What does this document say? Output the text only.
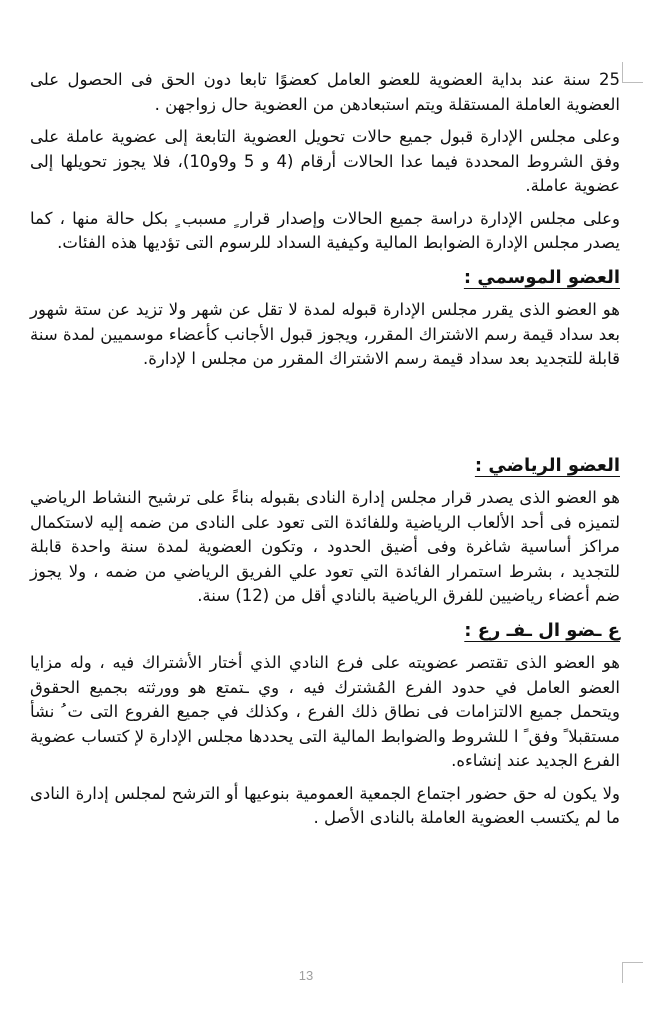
25 سنة عند بداية العضوية للعضو العامل كعضوًا تابعا دون الحق فى الحصول على العضوية العاملة المستقلة ويتم استبعادهن من العضوية حال زواجهن .

وعلى مجلس الإدارة قبول جميع حالات تحويل العضوية التابعة إلى عضوية عاملة على وفق الشروط المحددة فيما عدا الحالات أرقام (4 و 5 و9و10)، فلا يجوز تحويلها إلى عضوية عاملة.

وعلى مجلس الإدارة دراسة جميع الحالات وإصدار قرار ٍ مسبب ٍ بكل حالة منها ، كما يصدر مجلس الإدارة الضوابط المالية وكيفية السداد للرسوم التى تؤديها هذه الفئات.

العضو الموسمي :

هو العضو الذى يقرر مجلس الإدارة قبوله لمدة لا تقل عن شهر ولا تزيد عن ستة شهور بعد سداد قيمة رسم الاشتراك المقرر، ويجوز قبول الأجانب كأعضاء موسميين لمدة سنة قابلة للتجديد بعد سداد قيمة رسم الاشتراك المقرر من مجلس ا لإدارة.

العضو الرياضي :

هو العضو الذى يصدر قرار مجلس إدارة النادى بقبوله بناءً على ترشيح النشاط الرياضي لتميزه فى أحد الألعاب الرياضية وللفائدة التى تعود على النادى من ضمه إليه لاستكمال مراكز أساسية شاغرة وفى أضيق الحدود ، وتكون العضوية لمدة سنة واحدة قابلة للتجديد ، بشرط استمرار الفائدة التي تعود علي الفريق الرياضي من ضمه ، ولا يجوز ضم أعضاء رياضيين للفرق الرياضية بالنادي أقل من (12) سنة.

ع ـضو ال ـفـ رع :

هو العضو الذى تقتصر عضويته على فرع النادي الذي أختار الأشتراك فيه ، وله مزايا العضو العامل في حدود الفرع المُشترك فيه ، وي ـتمتع هو وورثته بجميع الحقوق ويتحمل جميع الالتزامات فى نطاق ذلك الفرع ، وكذلك في جميع الفروع التى ت ُ نشأ مستقبلا ً وفق ً ا للشروط والضوابط المالية التى يحددها مجلس الإدارة لإ كتساب عضوية الفرع الجديد عند إنشاءه.

ولا يكون له حق حضور اجتماع الجمعية العمومية بنوعيها أو الترشح لمجلس إدارة النادى ما لم يكتسب العضوية العاملة بالنادى الأصل .

13
